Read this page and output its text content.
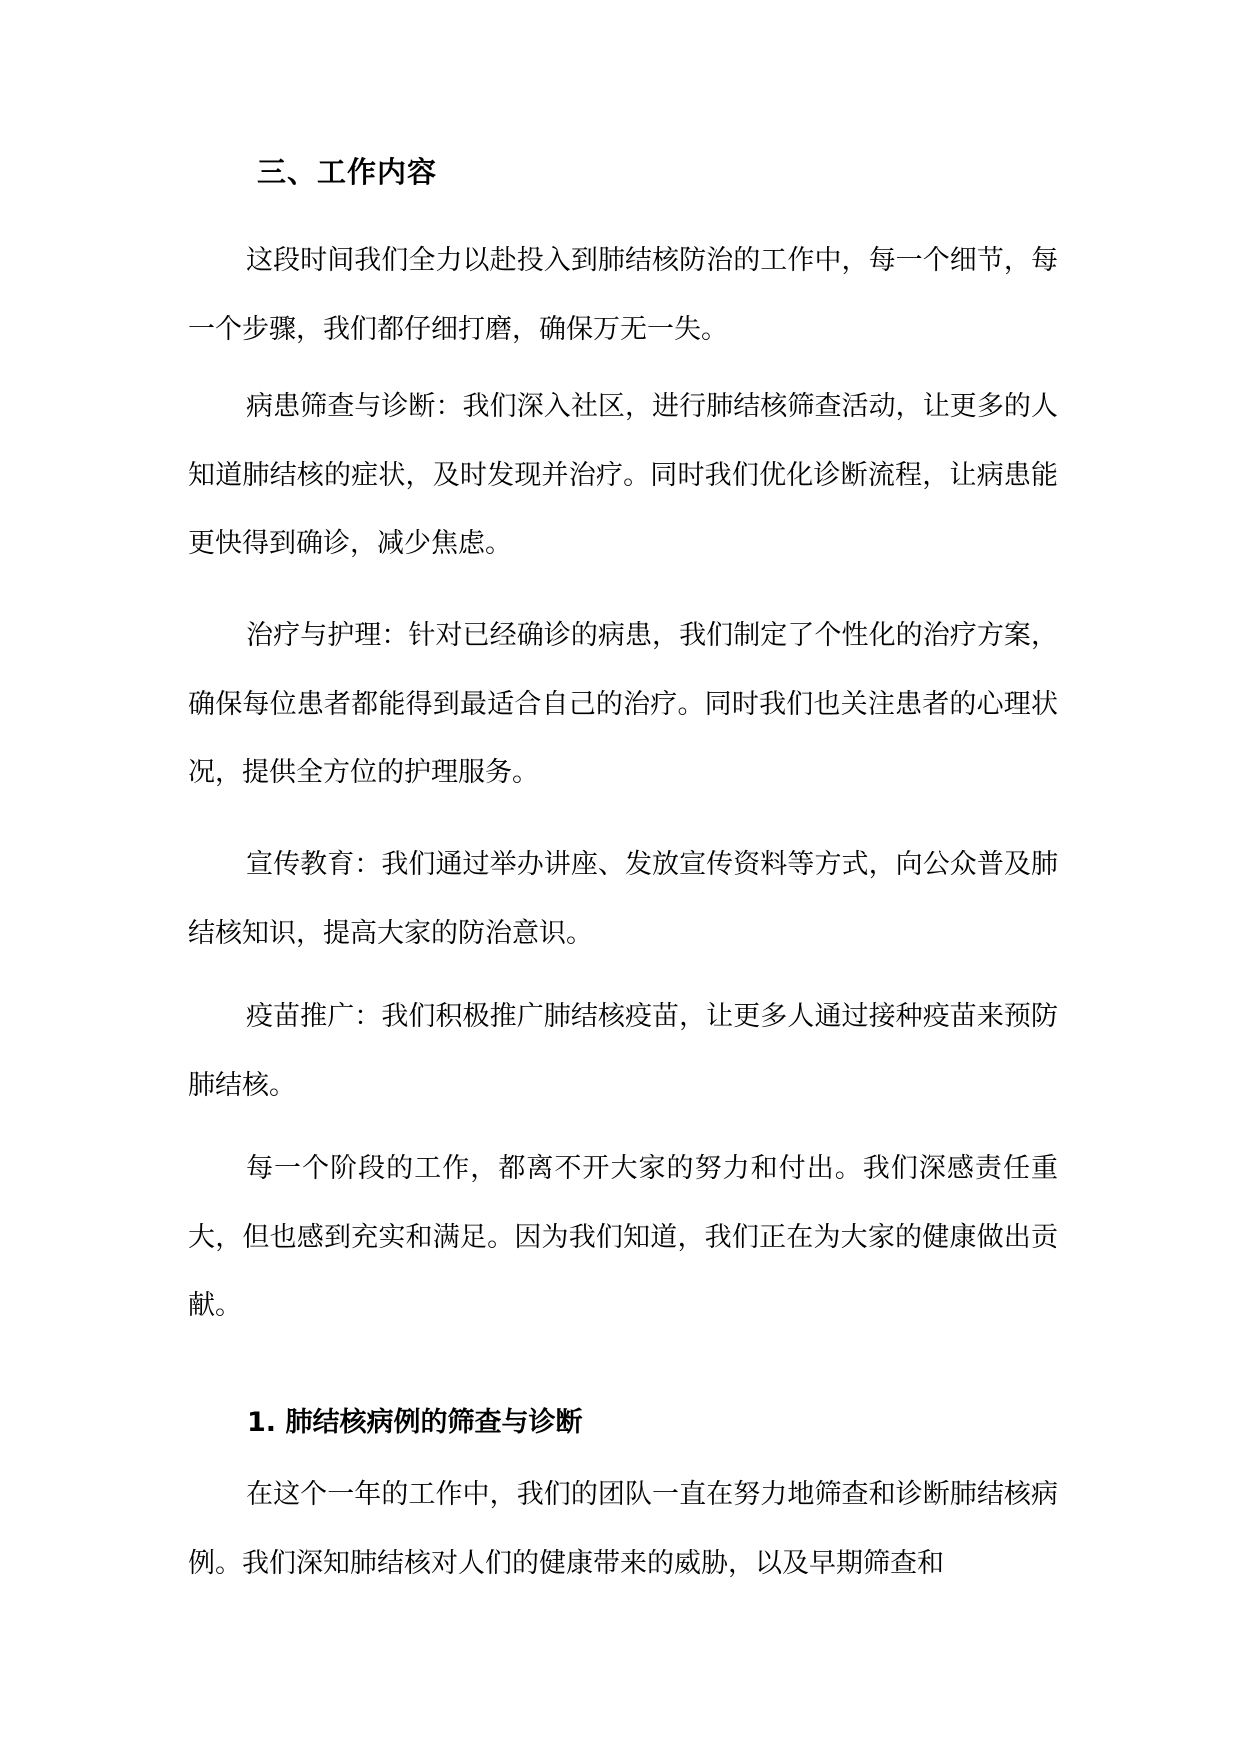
三、工作内容

这段时间我们全力以赴投入到肺结核防治的工作中，每一个细节，每一个步骤，我们都仔细打磨，确保万无一失。

病患筛查与诊断：我们深入社区，进行肺结核筛查活动，让更多的人知道肺结核的症状，及时发现并治疗。同时我们优化诊断流程，让病患能更快得到确诊，减少焦虑。

治疗与护理：针对已经确诊的病患，我们制定了个性化的治疗方案，确保每位患者都能得到最适合自己的治疗。同时我们也关注患者的心理状况，提供全方位的护理服务。

宣传教育：我们通过举办讲座、发放宣传资料等方式，向公众普及肺结核知识，提高大家的防治意识。

疫苗推广：我们积极推广肺结核疫苗，让更多人通过接种疫苗来预防肺结核。

每一个阶段的工作，都离不开大家的努力和付出。我们深感责任重大，但也感到充实和满足。因为我们知道，我们正在为大家的健康做出贡献。

1. 肺结核病例的筛查与诊断

在这个一年的工作中，我们的团队一直在努力地筛查和诊断肺结核病例。我们深知肺结核对人们的健康带来的威胁，以及早期筛查和
